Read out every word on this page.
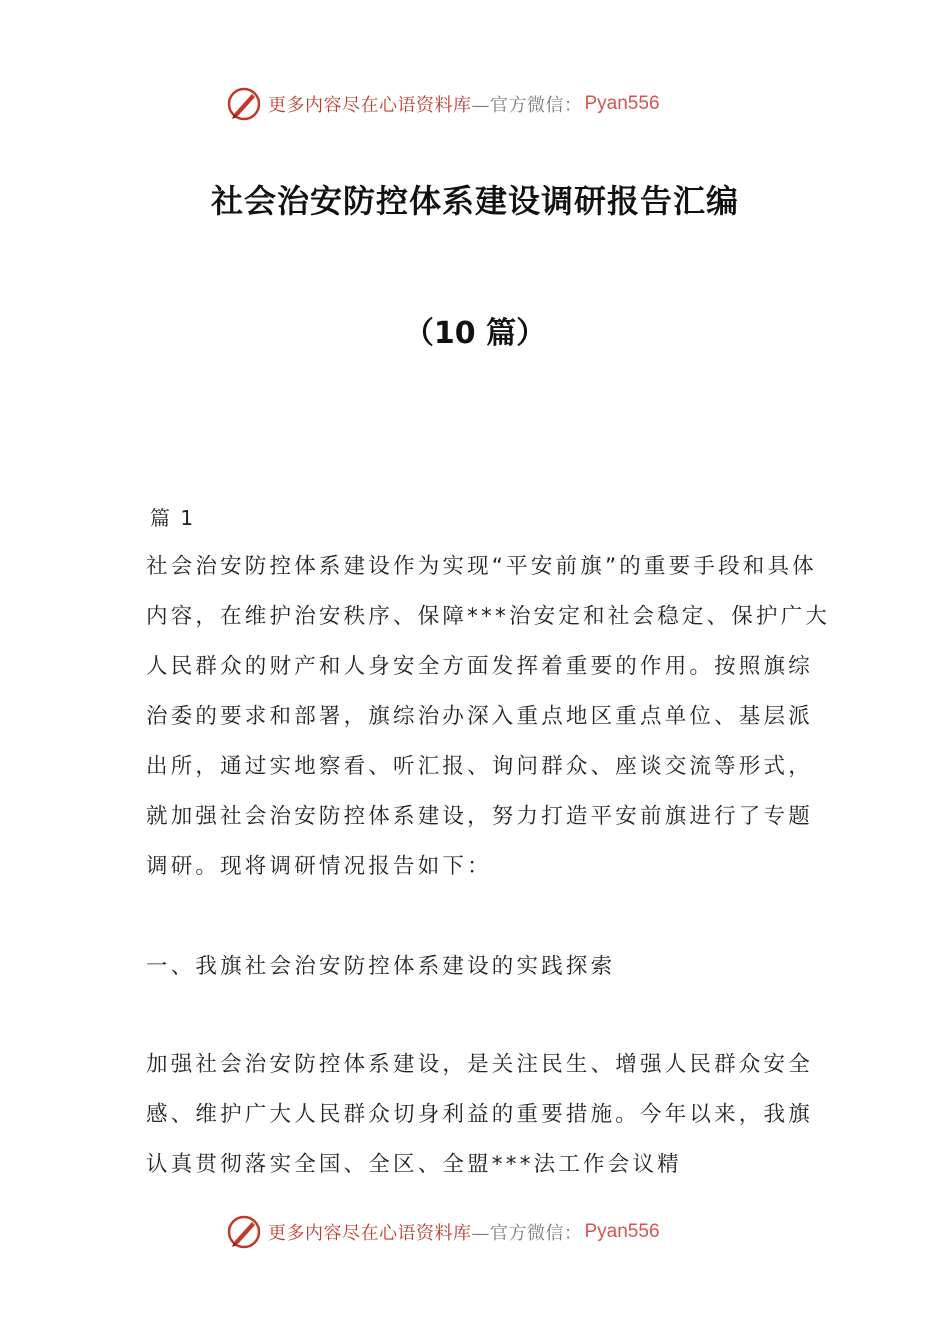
更多内容尽在心语资料库 —官方微信： Pyan556
社会治安防控体系建设调研报告汇编
（10 篇）
篇 1
社会治安防控体系建设作为实现“平安前旗”的重要手段和具体内容，在维护治安秩序、保障***治安定和社会稳定、保护广大人民群众的财产和人身安全方面发挥着重要的作用。按照旗综治委的要求和部署，旗综治办深入重点地区重点单位、基层派出所，通过实地察看、听汇报、询问群众、座谈交流等形式，就加强社会治安防控体系建设，努力打造平安前旗进行了专题调研。现将调研情况报告如下：
一、我旗社会治安防控体系建设的实践探索
加强社会治安防控体系建设，是关注民生、增强人民群众安全感、维护广大人民群众切身利益的重要措施。今年以来，我旗认真贯彻落实全国、全区、全盟***法工作会议精
更多内容尽在心语资料库 —官方微信： Pyan556
